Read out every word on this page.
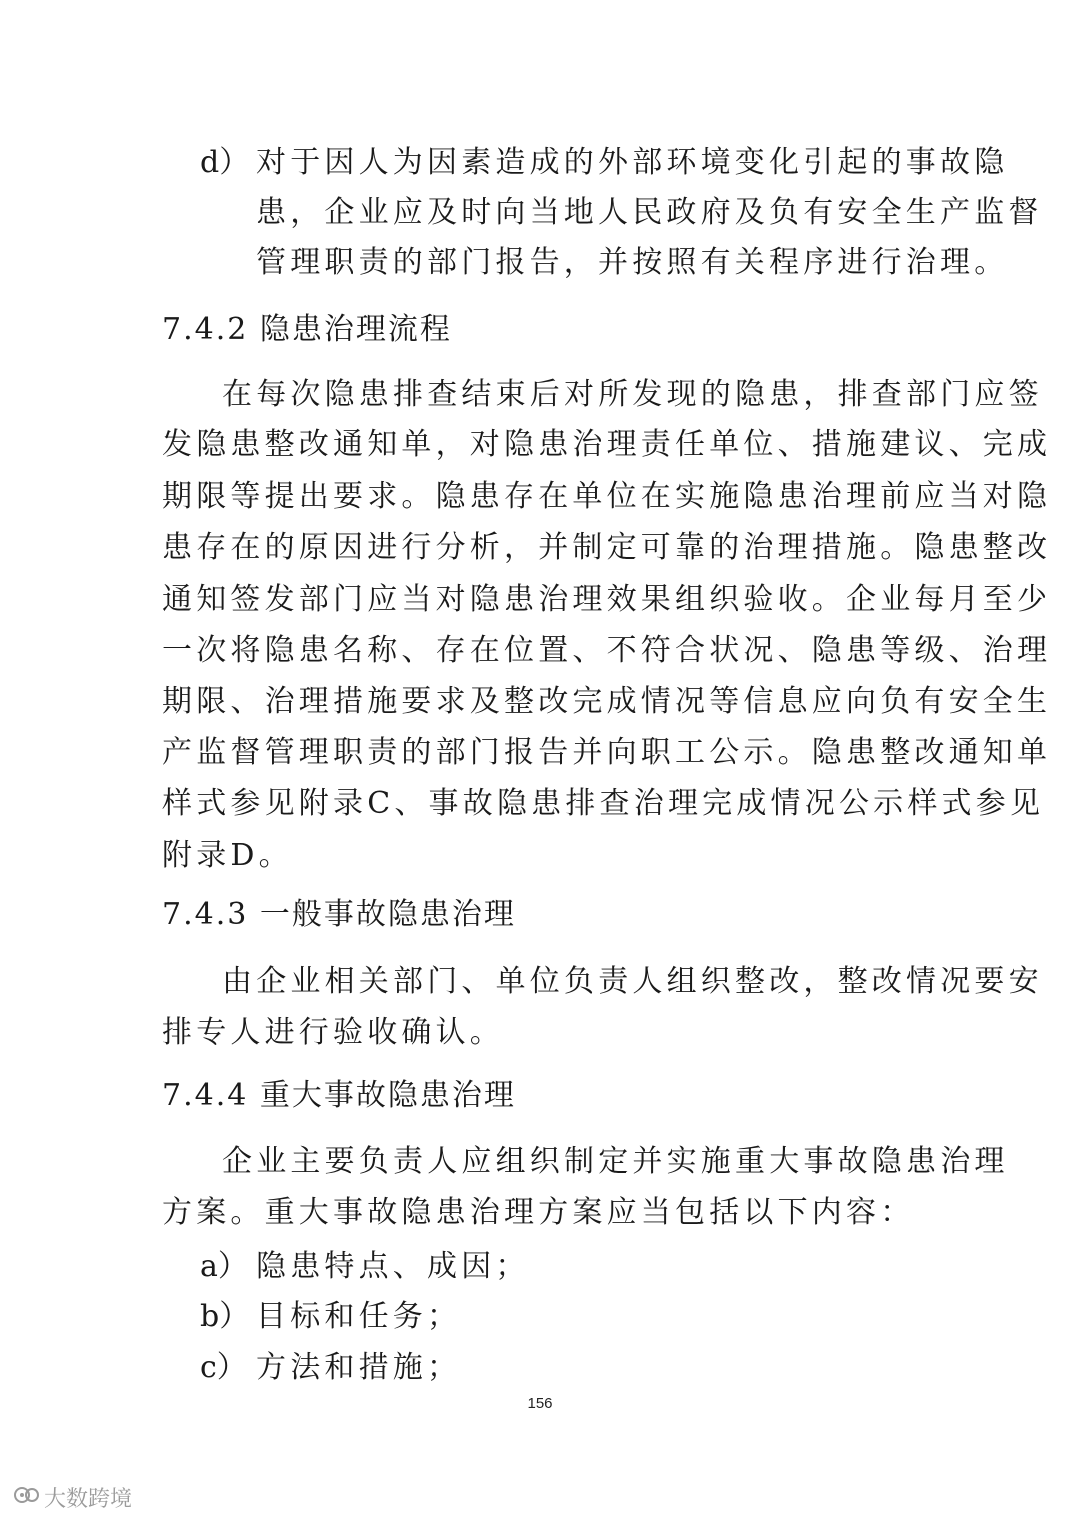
d） 对于因人为因素造成的外部环境变化引起的事故隐
患，企业应及时向当地人民政府及负有安全生产监督
管理职责的部门报告，并按照有关程序进行治理。
7.4.2 隐患治理流程
在每次隐患排查结束后对所发现的隐患，排查部门应签
发隐患整改通知单，对隐患治理责任单位、措施建议、完成
期限等提出要求。隐患存在单位在实施隐患治理前应当对隐
患存在的原因进行分析，并制定可靠的治理措施。隐患整改
通知签发部门应当对隐患治理效果组织验收。企业每月至少
一次将隐患名称、存在位置、不符合状况、隐患等级、治理
期限、治理措施要求及整改完成情况等信息应向负有安全生
产监督管理职责的部门报告并向职工公示。隐患整改通知单
样式参见附录C、事故隐患排查治理完成情况公示样式参见
附录D。
7.4.3 一般事故隐患治理
由企业相关部门、单位负责人组织整改，整改情况要安
排专人进行验收确认。
7.4.4 重大事故隐患治理
企业主要负责人应组织制定并实施重大事故隐患治理
方案。重大事故隐患治理方案应当包括以下内容：
a） 隐患特点、成因；
b） 目标和任务；
c） 方法和措施；
156
大数跨境
